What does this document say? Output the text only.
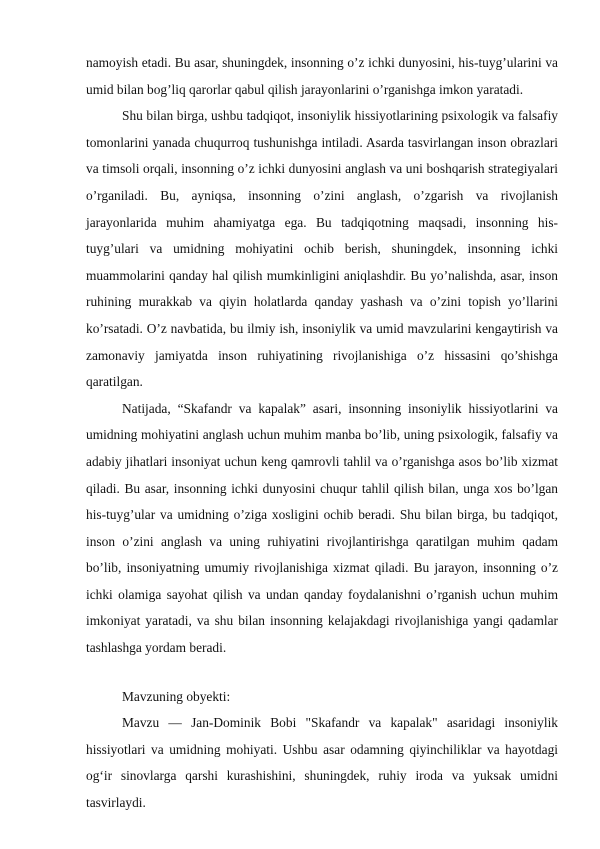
namoyish etadi. Bu asar, shuningdek, insonning o’z ichki dunyosini, his-tuyg’ularini va umid bilan bog’liq qarorlar qabul qilish jarayonlarini o’rganishga imkon yaratadi.

Shu bilan birga, ushbu tadqiqot, insoniylik hissiyotlarining psixologik va falsafiy tomonlarini yanada chuqurroq tushunishga intiladi. Asarda tasvirlangan inson obrazlari va timsoli orqali, insonning o’z ichki dunyosini anglash va uni boshqarish strategiyalari o’rganiladi. Bu, ayniqsa, insonning o’zini anglash, o’zgarish va rivojlanish jarayonlarida muhim ahamiyatga ega. Bu tadqiqotning maqsadi, insonning his-tuyg’ulari va umidning mohiyatini ochib berish, shuningdek, insonning ichki muammolarini qanday hal qilish mumkinligini aniqlashdir. Bu yo’nalishda, asar, inson ruhining murakkab va qiyin holatlarda qanday yashash va o’zini topish yo’llarini ko’rsatadi. O’z navbatida, bu ilmiy ish, insoniylik va umid mavzularini kengaytirish va zamonaviy jamiyatda inson ruhiyatining rivojlanishiga o’z hissasini qo’shishga qaratilgan.

Natijada, “Skafandr va kapalak” asari, insonning insoniylik hissiyotlarini va umidning mohiyatini anglash uchun muhim manba bo’lib, uning psixologik, falsafiy va adabiy jihatlari insoniyat uchun keng qamrovli tahlil va o’rganishga asos bo’lib xizmat qiladi. Bu asar, insonning ichki dunyosini chuqur tahlil qilish bilan, unga xos bo’lgan his-tuyg’ular va umidning o’ziga xosligini ochib beradi. Shu bilan birga, bu tadqiqot, inson o’zini anglash va uning ruhiyatini rivojlantirishga qaratilgan muhim qadam bo’lib, insoniyatning umumiy rivojlanishiga xizmat qiladi. Bu jarayon, insonning o’z ichki olamiga sayohat qilish va undan qanday foydalanishni o’rganish uchun muhim imkoniyat yaratadi, va shu bilan insonning kelajakdagi rivojlanishiga yangi qadamlar tashlashga yordam beradi.

Mavzuning obyekti:

Mavzu — Jan-Dominik Bobi "Skafandr va kapalak" asaridagi insoniylik hissiyotlari va umidning mohiyati. Ushbu asar odamning qiyinchiliklar va hayotdagi og‘ir sinovlarga qarshi kurashishini, shuningdek, ruhiy iroda va yuksak umidni tasvirlaydi.
